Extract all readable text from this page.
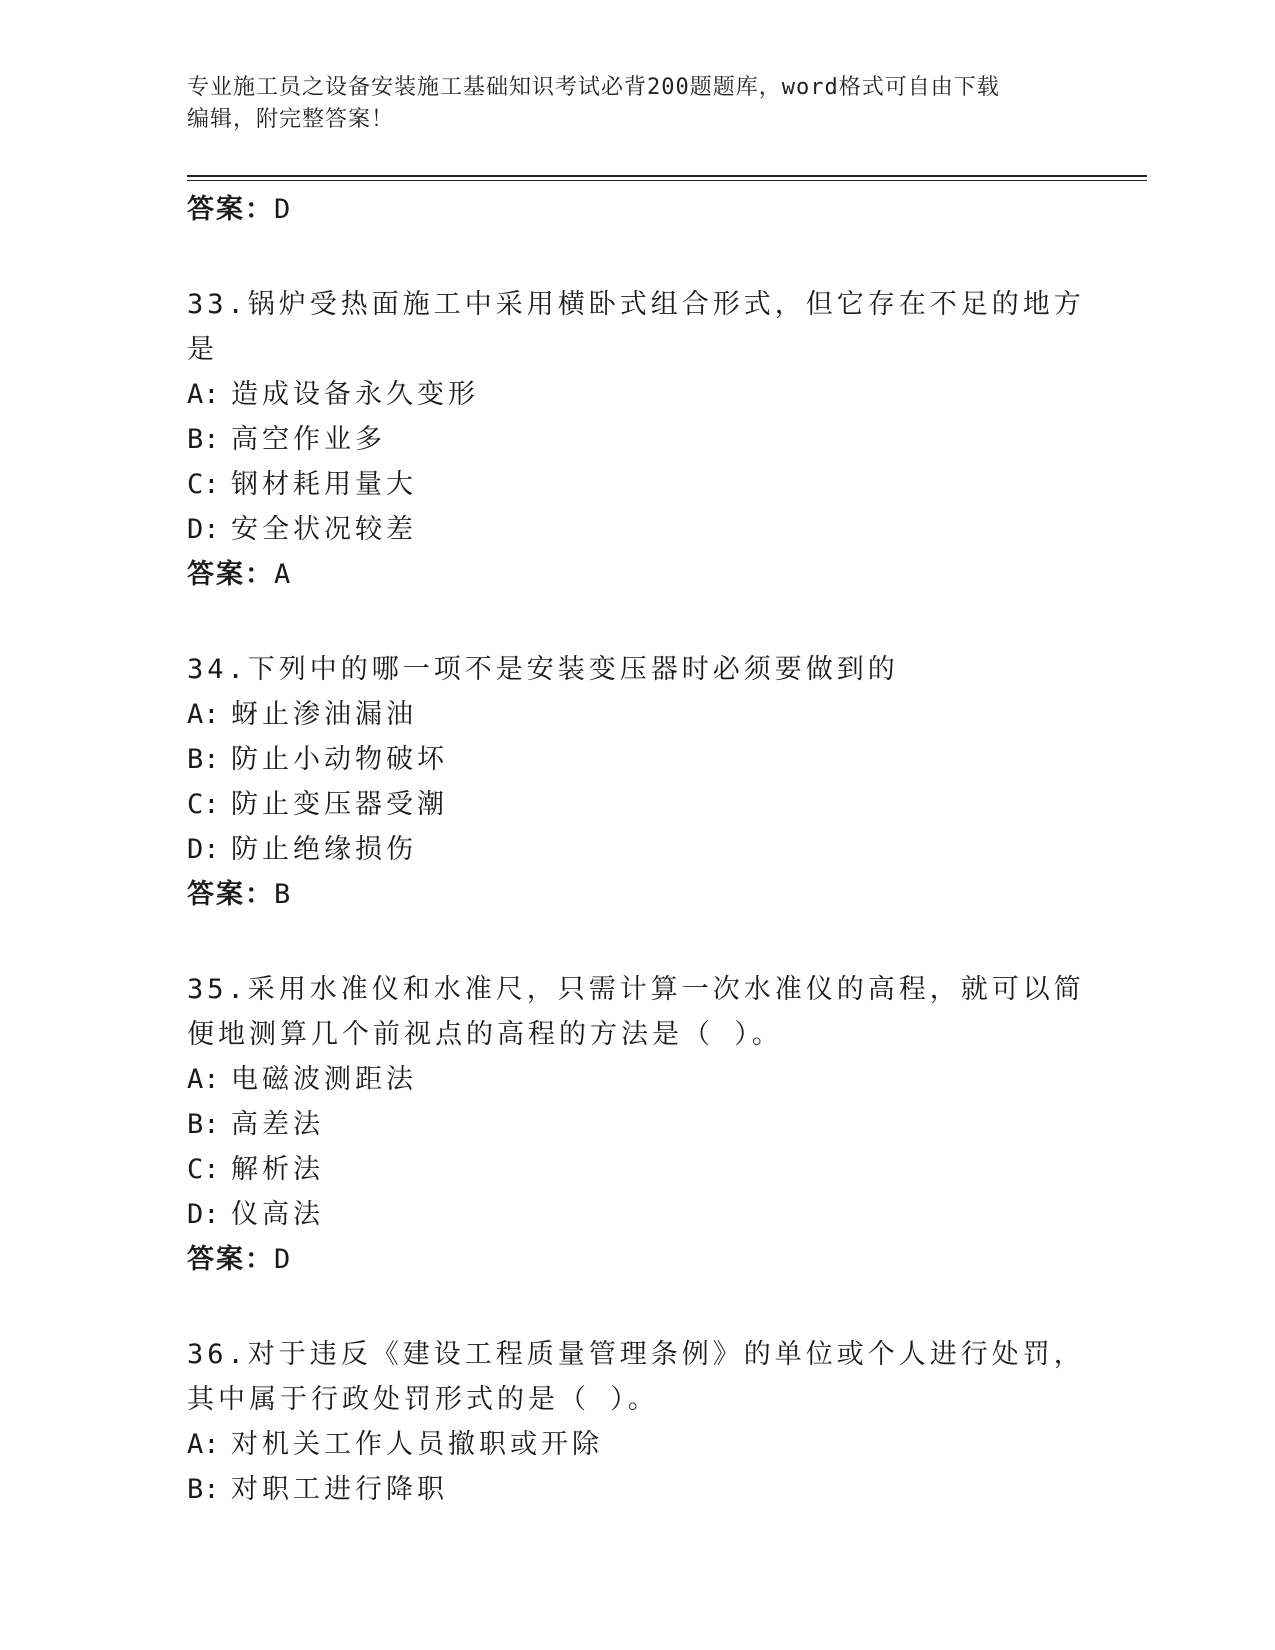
专业施工员之设备安装施工基础知识考试必背200题题库，word格式可自由下载
编辑，附完整答案！
答案：D
33.锅炉受热面施工中采用横卧式组合形式，但它存在不足的地方是
A: 造成设备永久变形
B: 高空作业多
C: 钢材耗用量大
D: 安全状况较差
答案：A
34.下列中的哪一项不是安装变压器时必须要做到的
A: 蚜止渗油漏油
B: 防止小动物破坏
C: 防止变压器受潮
D: 防止绝缘损伤
答案：B
35.采用水准仪和水准尺，只需计算一次水准仪的高程，就可以简便地测算几个前视点的高程的方法是（ ）。
A: 电磁波测距法
B: 高差法
C: 解析法
D: 仪高法
答案：D
36.对于违反《建设工程质量管理条例》的单位或个人进行处罚，其中属于行政处罚形式的是（ ）。
A: 对机关工作人员撤职或开除
B: 对职工进行降职
